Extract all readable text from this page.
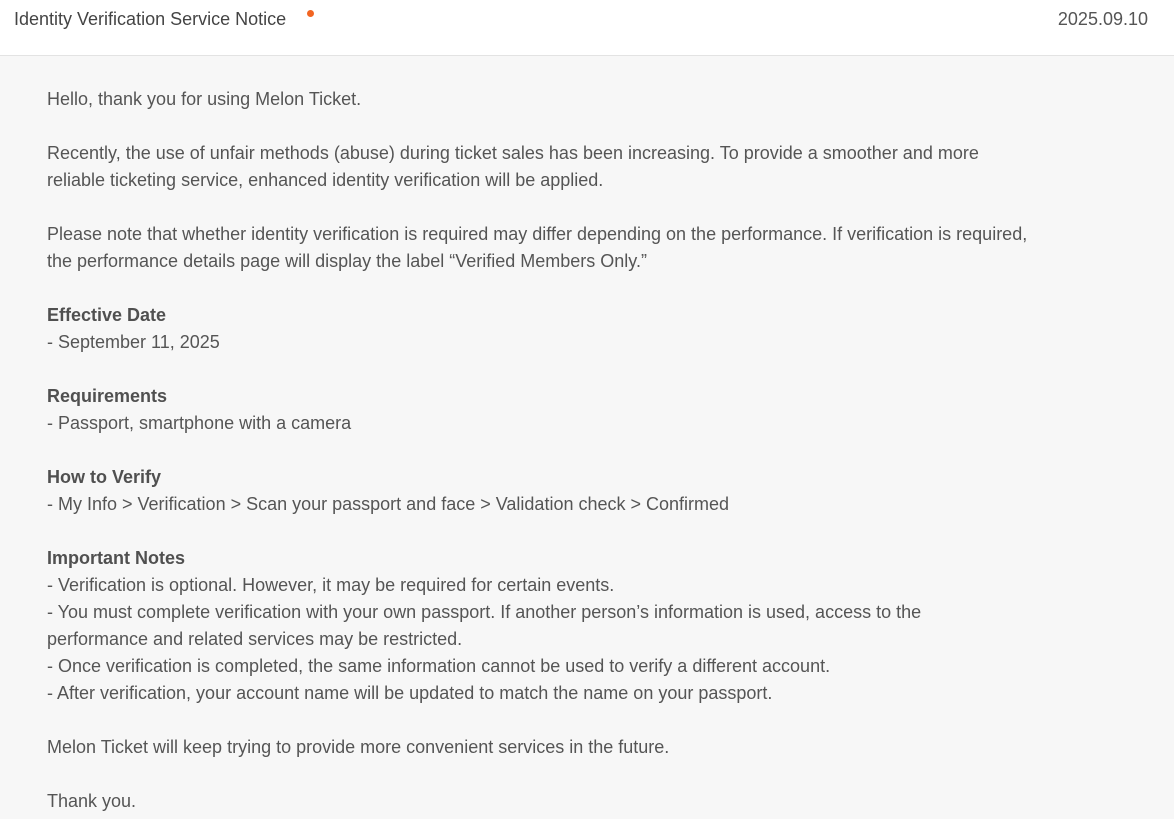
Identity Verification Service Notice	2025.09.10

Hello, thank you for using Melon Ticket.

Recently, the use of unfair methods (abuse) during ticket sales has been increasing. To provide a smoother and more reliable ticketing service, enhanced identity verification will be applied.

Please note that whether identity verification is required may differ depending on the performance. If verification is required, the performance details page will display the label “Verified Members Only.”

Effective Date
- September 11, 2025
Requirements
- Passport, smartphone with a camera
How to Verify
- My Info > Verification > Scan your passport and face > Validation check > Confirmed
Important Notes
- Verification is optional. However, it may be required for certain events.
- You must complete verification with your own passport. If another person’s information is used, access to the performance and related services may be restricted.
- Once verification is completed, the same information cannot be used to verify a different account.
- After verification, your account name will be updated to match the name on your passport.

Melon Ticket will keep trying to provide more convenient services in the future.

Thank you.
